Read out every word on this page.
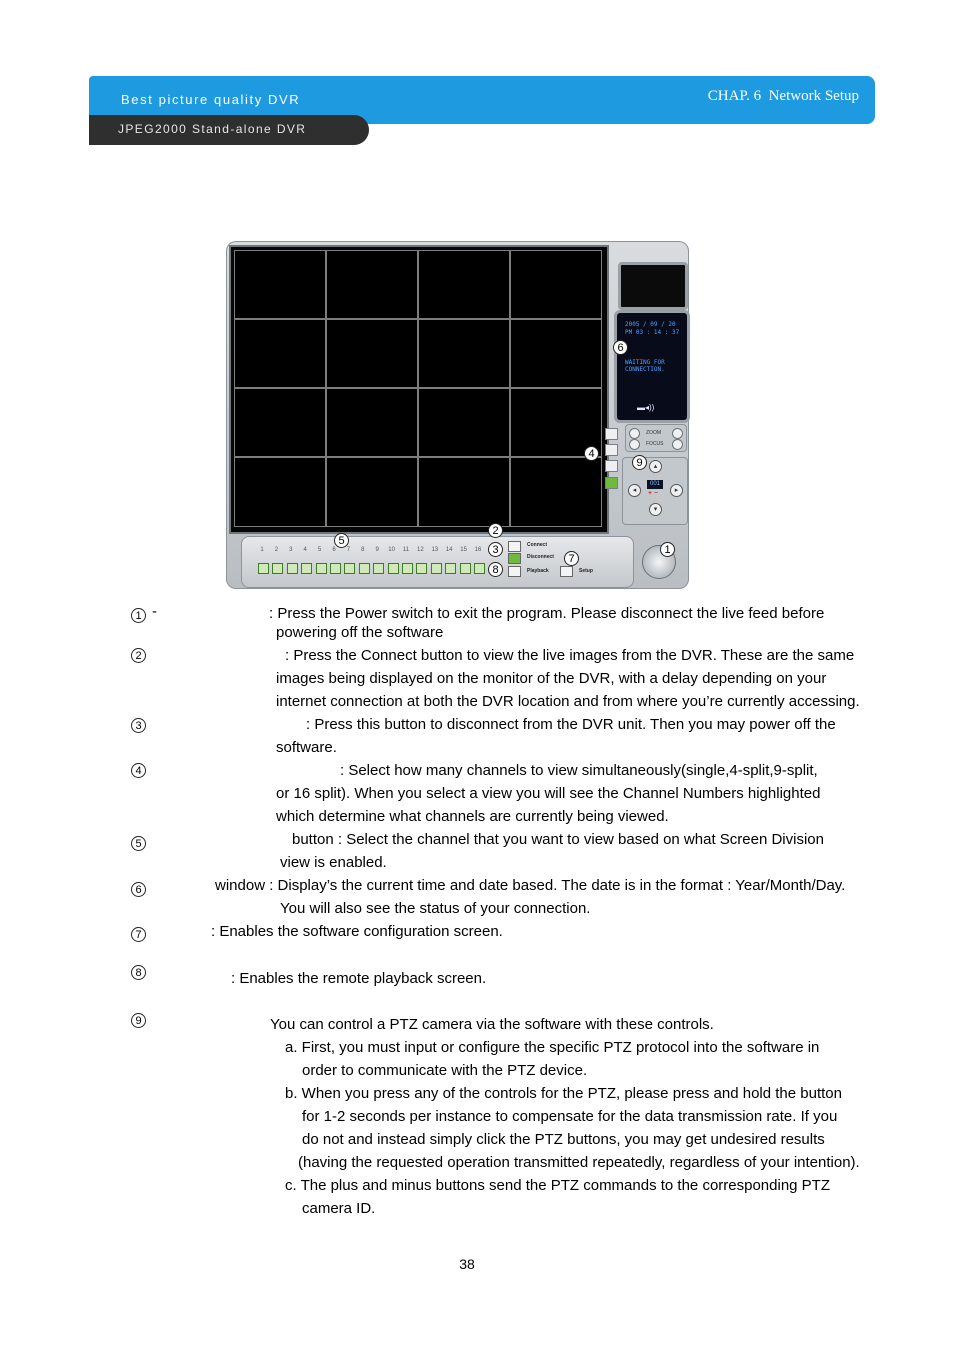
Best picture quality DVR
JPEG2000 Stand-alone DVR
CHAP. 6 Network Setup
2005 / 09 / 20
PM 03 : 14 : 37
WAITING FOR
CONNECTION.
▬◂))
ZOOM
FOCUS
▴
◂	▸
▾
001
+ −
1	2	3	4	5	6	7	8	9	10	11	12	13	14	15	16
Connect
Disconnect
Playback	Setup
1
2
3
4
5
6
7
8
9
1 -	: Press the Power switch to exit the program. Please disconnect the live feed before
powering off the software
2	: Press the Connect button to view the live images from the DVR. These are the same
images being displayed on the monitor of the DVR, with a delay depending on your
internet connection at both the DVR location and from where you’re currently accessing.
3	: Press this button to disconnect from the DVR unit. Then you may power off the
software.
4	: Select how many channels to view simultaneously(single,4-split,9-split,
or 16 split). When you select a view you will see the Channel Numbers highlighted
which determine what channels are currently being viewed.
5	button : Select the channel that you want to view based on what Screen Division
view is enabled.
6	window : Display’s the current time and date based. The date is in the format : Year/Month/Day.
You will also see the status of your connection.
7	: Enables the software configuration screen.
8	: Enables the remote playback screen.
9	You can control a PTZ camera via the software with these controls.
a. First, you must input or configure the specific PTZ protocol into the software in
order to communicate with the PTZ device.
b. When you press any of the controls for the PTZ, please press and hold the button
for 1-2 seconds per instance to compensate for the data transmission rate. If you
do not and instead simply click the PTZ buttons, you may get undesired results
(having the requested operation transmitted repeatedly, regardless of your intention).
c. The plus and minus buttons send the PTZ commands to the corresponding PTZ
camera ID.
38
